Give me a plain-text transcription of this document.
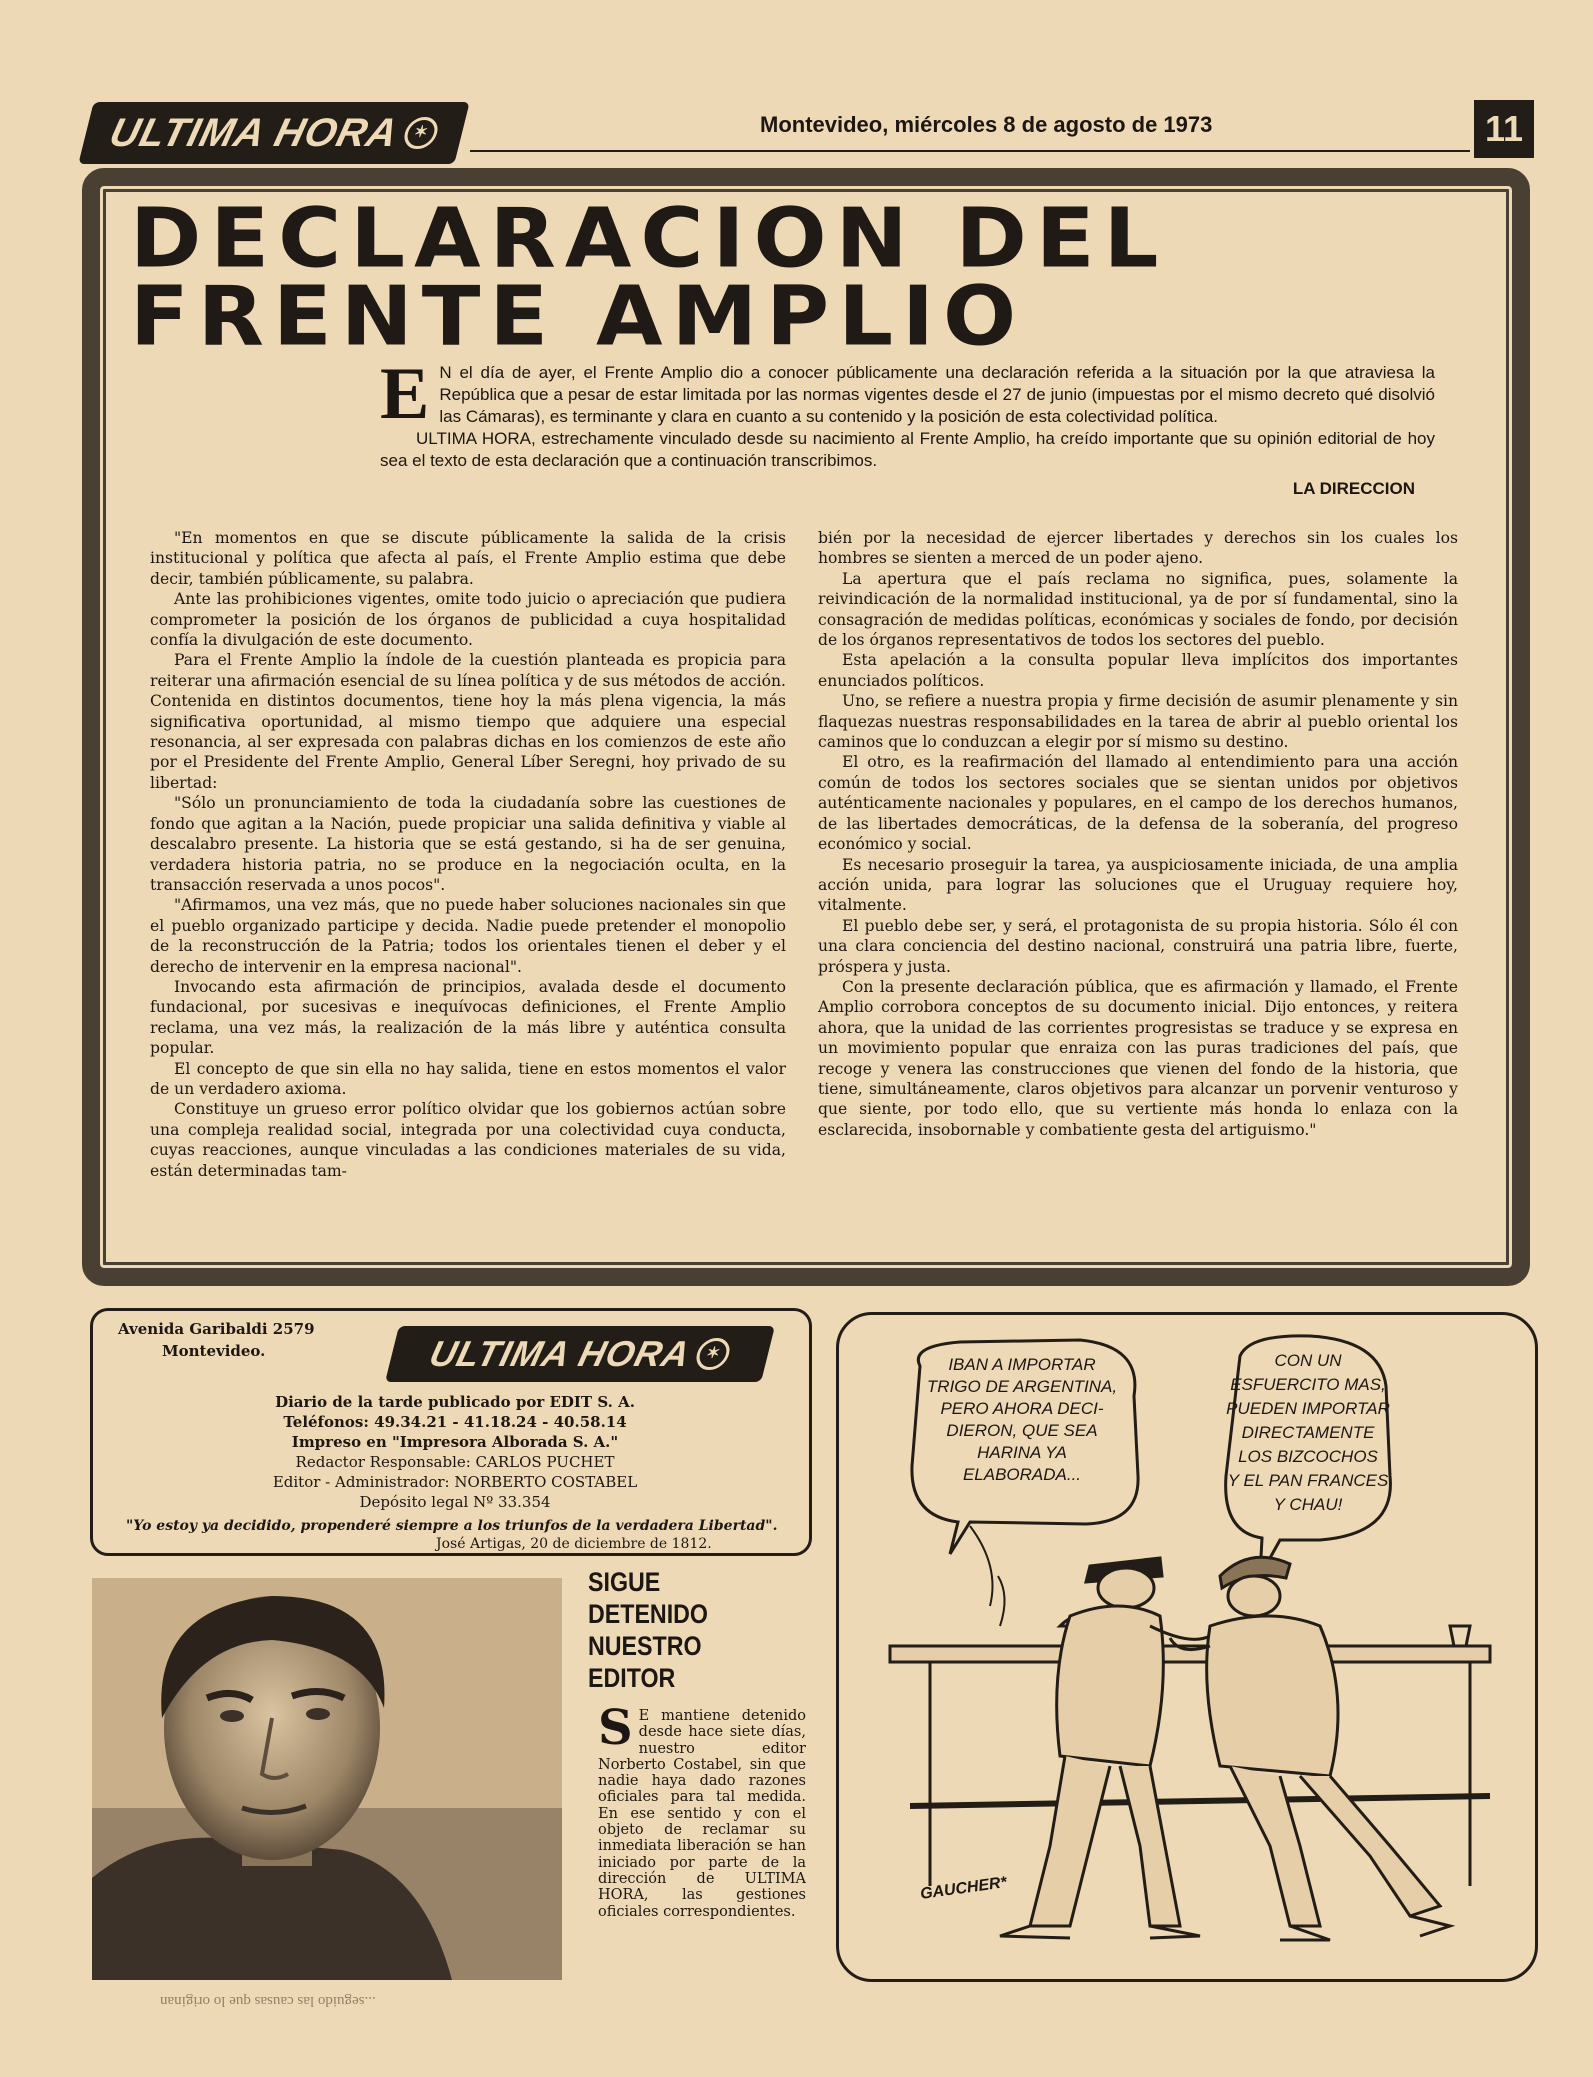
ULTIMA HORA ✶	Montevideo, miércoles 8 de agosto de 1973	11
DECLARACION DEL FRENTE AMPLIO
E N el día de ayer, el Frente Amplio dio a conocer públicamente una declaración referida a la situación por la que atraviesa la República que a pesar de estar limitada por las normas vigentes desde el 27 de junio (impuestas por el mismo decreto qué disolvió las Cámaras), es terminante y clara en cuanto a su contenido y la posición de esta colectividad política.

ULTIMA HORA, estrechamente vinculado desde su nacimiento al Frente Amplio, ha creído importante que su opinión editorial de hoy sea el texto de esta declaración que a continuación transcribimos.

LA DIRECCION

"En momentos en que se discute públicamente la salida de la crisis institucional y política que afecta al país, el Frente Amplio estima que debe decir, también públicamente, su palabra.

Ante las prohibiciones vigentes, omite todo juicio o apreciación que pudiera comprometer la posición de los órganos de publicidad a cuya hospitalidad confía la divulgación de este documento.

Para el Frente Amplio la índole de la cuestión planteada es propicia para reiterar una afirmación esencial de su línea política y de sus métodos de acción. Contenida en distintos documentos, tiene hoy la más plena vigencia, la más significativa oportunidad, al mismo tiempo que adquiere una especial resonancia, al ser expresada con palabras dichas en los comienzos de este año por el Presidente del Frente Amplio, General Líber Seregni, hoy privado de su libertad:

"Sólo un pronunciamiento de toda la ciudadanía sobre las cuestiones de fondo que agitan a la Nación, puede propiciar una salida definitiva y viable al descalabro presente. La historia que se está gestando, si ha de ser genuina, verdadera historia patria, no se produce en la negociación oculta, en la transacción reservada a unos pocos".

"Afirmamos, una vez más, que no puede haber soluciones nacionales sin que el pueblo organizado participe y decida. Nadie puede pretender el monopolio de la reconstrucción de la Patria; todos los orientales tienen el deber y el derecho de intervenir en la empresa nacional".

Invocando esta afirmación de principios, avalada desde el documento fundacional, por sucesivas e inequívocas definiciones, el Frente Amplio reclama, una vez más, la realización de la más libre y auténtica consulta popular.

El concepto de que sin ella no hay salida, tiene en estos momentos el valor de un verdadero axioma.

Constituye un grueso error político olvidar que los gobiernos actúan sobre una compleja realidad social, integrada por una colectividad cuya conducta, cuyas reacciones, aunque vinculadas a las condiciones materiales de su vida, están determinadas tam-

bién por la necesidad de ejercer libertades y derechos sin los cuales los hombres se sienten a merced de un poder ajeno.

La apertura que el país reclama no significa, pues, solamente la reivindicación de la normalidad institucional, ya de por sí fundamental, sino la consagración de medidas políticas, económicas y sociales de fondo, por decisión de los órganos representativos de todos los sectores del pueblo.

Esta apelación a la consulta popular lleva implícitos dos importantes enunciados políticos.

Uno, se refiere a nuestra propia y firme decisión de asumir plenamente y sin flaquezas nuestras responsabilidades en la tarea de abrir al pueblo oriental los caminos que lo conduzcan a elegir por sí mismo su destino.

El otro, es la reafirmación del llamado al entendimiento para una acción común de todos los sectores sociales que se sientan unidos por objetivos auténticamente nacionales y populares, en el campo de los derechos humanos, de las libertades democráticas, de la defensa de la soberanía, del progreso económico y social.

Es necesario proseguir la tarea, ya auspiciosamente iniciada, de una amplia acción unida, para lograr las soluciones que el Uruguay requiere hoy, vitalmente.

El pueblo debe ser, y será, el protagonista de su propia historia. Sólo él con una clara conciencia del destino nacional, construirá una patria libre, fuerte, próspera y justa.

Con la presente declaración pública, que es afirmación y llamado, el Frente Amplio corrobora conceptos de su documento inicial. Dijo entonces, y reitera ahora, que la unidad de las corrientes progresistas se traduce y se expresa en un movimiento popular que enraiza con las puras tradiciones del país, que recoge y venera las construcciones que vienen del fondo de la historia, que tiene, simultáneamente, claros objetivos para alcanzar un porvenir venturoso y que siente, por todo ello, que su vertiente más honda lo enlaza con la esclarecida, insobornable y combatiente gesta del artiguismo."

Avenida Garibaldi 2579
Montevideo.	ULTIMA HORA ✶
Diario de la tarde publicado por EDIT S. A.
Teléfonos: 49.34.21 - 41.18.24 - 40.58.14
Impreso en "Impresora Alborada S. A."
Redactor Responsable: CARLOS PUCHET
Editor - Administrador: NORBERTO COSTABEL
Depósito legal Nº 33.354
"Yo estoy ya decidido, propenderé siempre a los triunfos de la verdadera Libertad".
José Artigas, 20 de diciembre de 1812.
...seguido las causas que lo originan
SIGUE
DETENIDO
NUESTRO
EDITOR
S E mantiene detenido desde hace siete días, nuestro editor Norberto Costabel, sin que nadie haya dado razones oficiales para tal medida. En ese sentido y con el objeto de reclamar su inmediata liberación se han iniciado por parte de la dirección de ULTIMA HORA, las gestiones oficiales correspondientes.
IBAN A IMPORTAR
TRIGO DE ARGENTINA,
PERO AHORA DECI-
DIERON, QUE SEA
HARINA YA
ELABORADA...
CON UN
ESFUERCITO MAS,
PUEDEN IMPORTAR
DIRECTAMENTE
LOS BIZCOCHOS
Y EL PAN FRANCES
Y CHAU!
GAUCHER*
